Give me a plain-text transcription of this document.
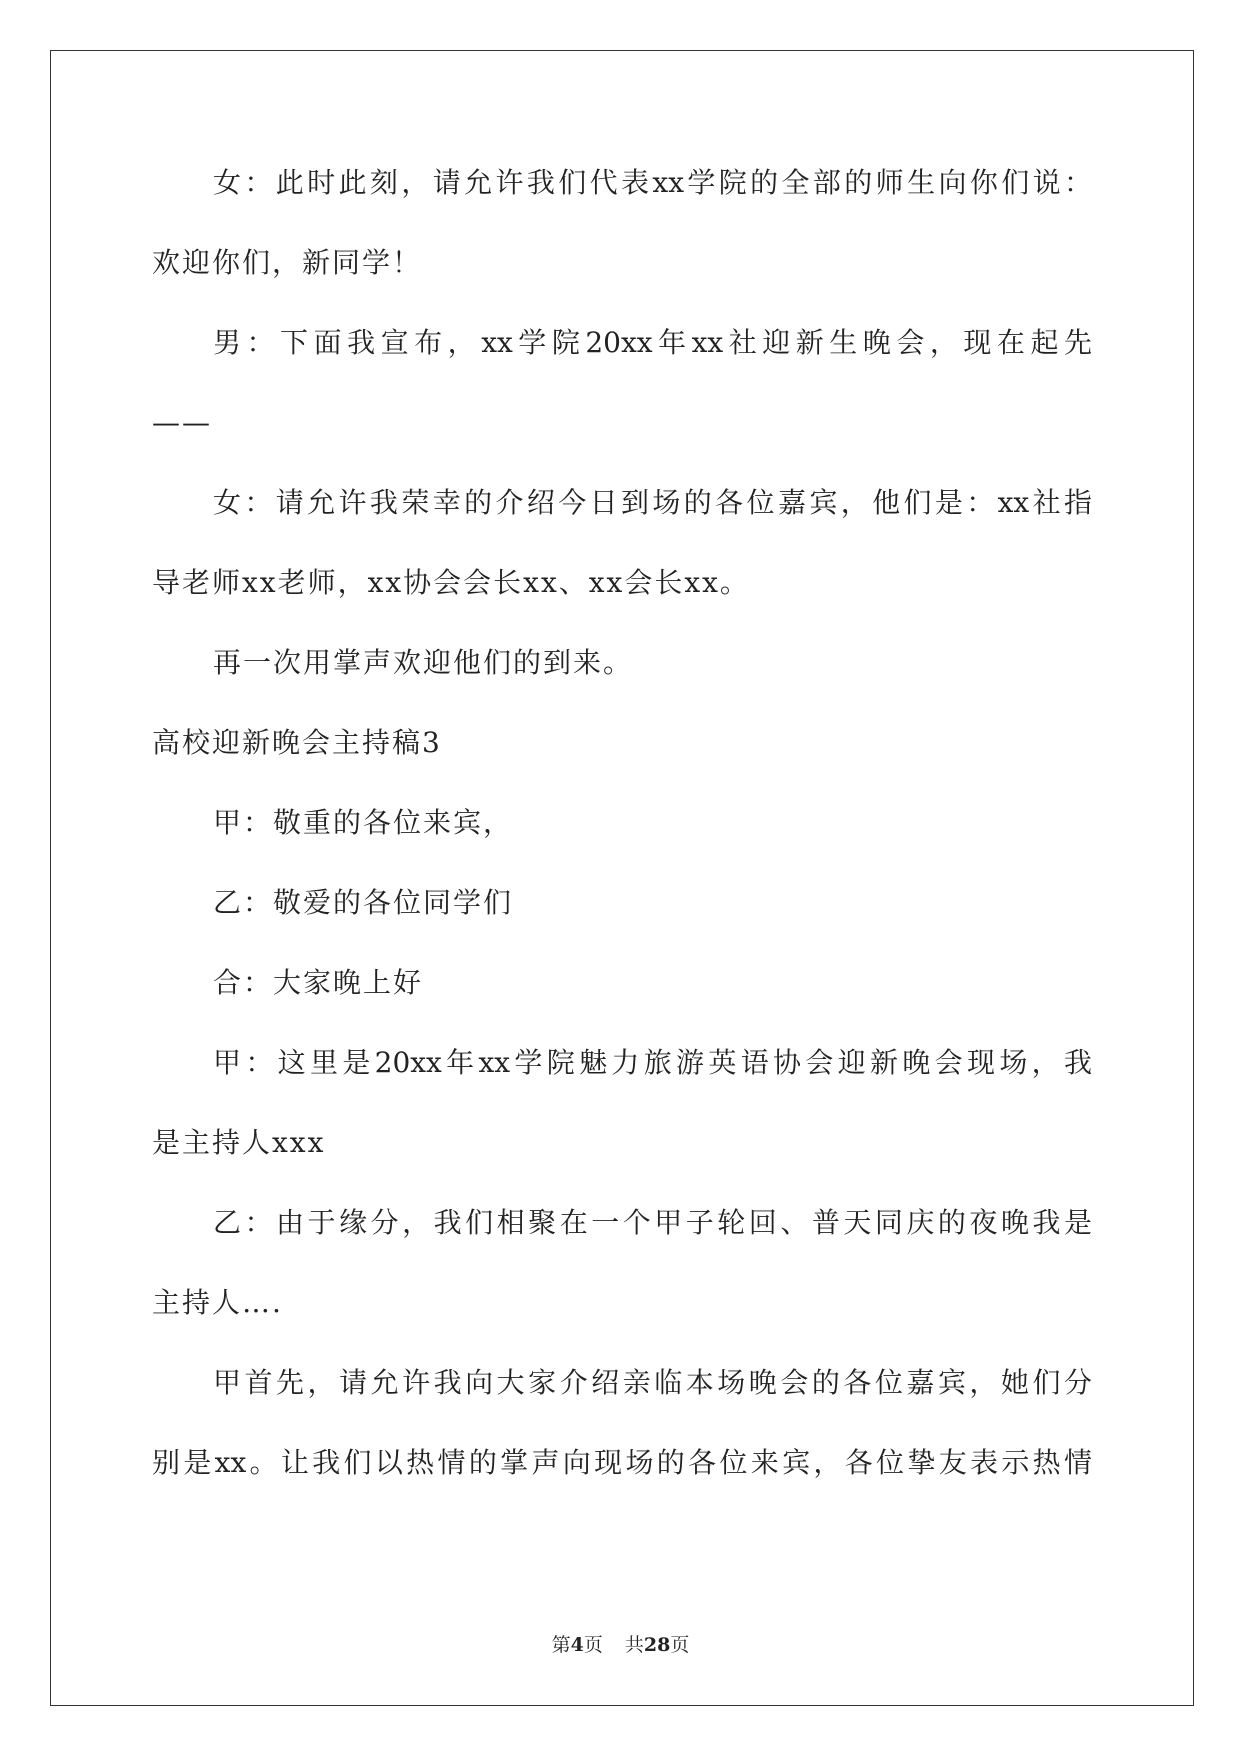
女：此时此刻，请允许我们代表xx学院的全部的师生向你们说：
欢迎你们，新同学！
男：下面我宣布，xx学院20xx年xx社迎新生晚会，现在起先
——
女：请允许我荣幸的介绍今日到场的各位嘉宾，他们是：xx社指
导老师xx老师，xx协会会长xx、xx会长xx。
再一次用掌声欢迎他们的到来。
高校迎新晚会主持稿3
甲：敬重的各位来宾，
乙：敬爱的各位同学们
合：大家晚上好
甲：这里是20xx年xx学院魅力旅游英语协会迎新晚会现场，我
是主持人xxx
乙：由于缘分，我们相聚在一个甲子轮回、普天同庆的夜晚我是
主持人….
甲首先，请允许我向大家介绍亲临本场晚会的各位嘉宾，她们分
别是xx。让我们以热情的掌声向现场的各位来宾，各位挚友表示热情
第4页 共28页
